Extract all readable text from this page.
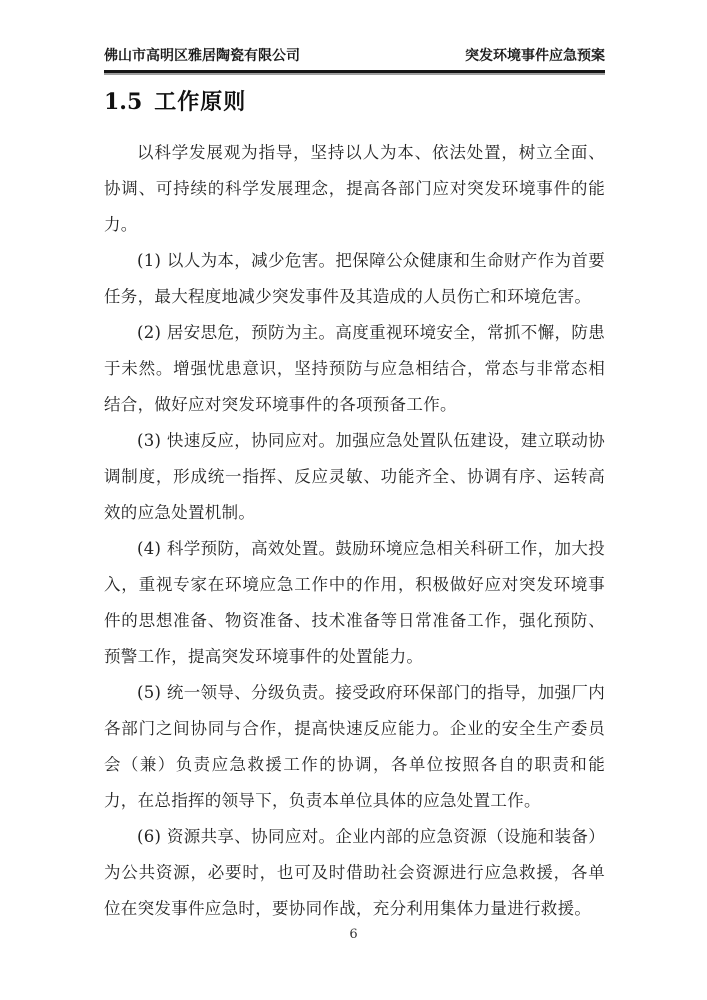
佛山市高明区雅居陶瓷有限公司	突发环境事件应急预案
1.5 工作原则

以科学发展观为指导，坚持以人为本、依法处置，树立全面、协调、可持续的科学发展理念，提高各部门应对突发环境事件的能力。

(1) 以人为本，减少危害。把保障公众健康和生命财产作为首要任务，最大程度地减少突发事件及其造成的人员伤亡和环境危害。

(2) 居安思危，预防为主。高度重视环境安全，常抓不懈，防患于未然。增强忧患意识，坚持预防与应急相结合，常态与非常态相结合，做好应对突发环境事件的各项预备工作。

(3) 快速反应，协同应对。加强应急处置队伍建设，建立联动协调制度，形成统一指挥、反应灵敏、功能齐全、协调有序、运转高效的应急处置机制。

(4) 科学预防，高效处置。鼓励环境应急相关科研工作，加大投入，重视专家在环境应急工作中的作用，积极做好应对突发环境事件的思想准备、物资准备、技术准备等日常准备工作，强化预防、预警工作，提高突发环境事件的处置能力。

(5) 统一领导、分级负责。接受政府环保部门的指导，加强厂内各部门之间协同与合作，提高快速反应能力。企业的安全生产委员会（兼）负责应急救援工作的协调，各单位按照各自的职责和能力，在总指挥的领导下，负责本单位具体的应急处置工作。

(6) 资源共享、协同应对。企业内部的应急资源（设施和装备）为公共资源，必要时，也可及时借助社会资源进行应急救援，各单位在突发事件应急时，要协同作战，充分利用集体力量进行救援。

6
